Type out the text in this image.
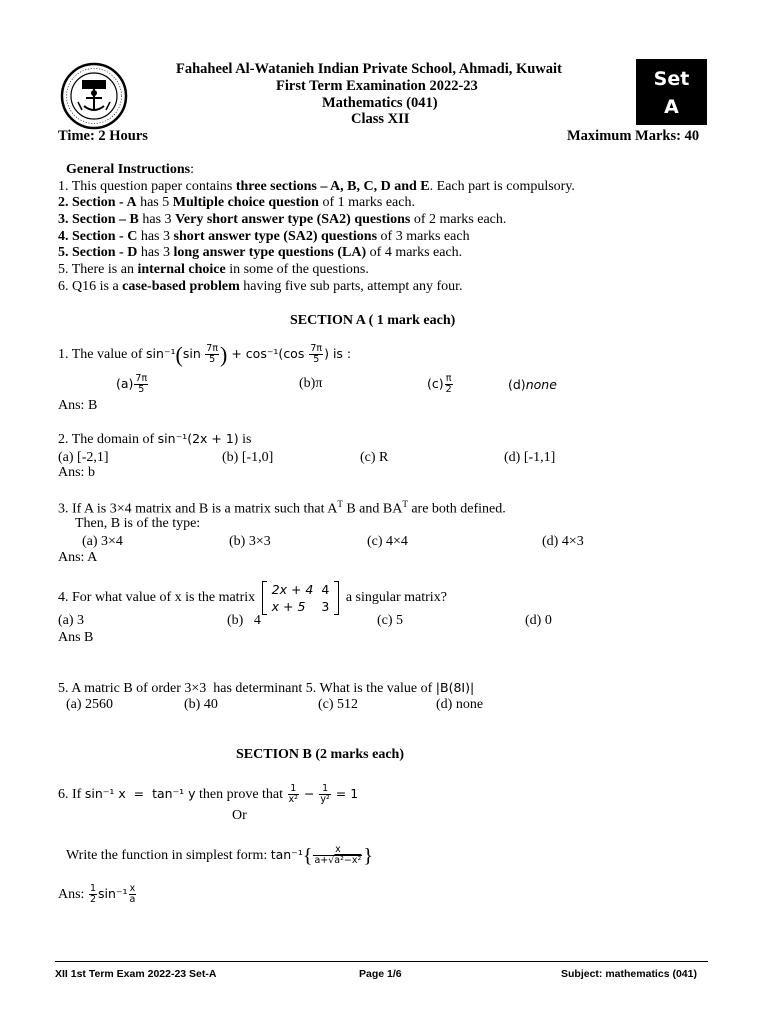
Set
A
Fahaheel Al-Watanieh Indian Private School, Ahmadi, Kuwait
First Term Examination 2022-23
Mathematics (041)
Class XII
Time: 2 Hours	Maximum Marks: 40
General Instructions:
1. This question paper contains three sections – A, B, C, D and E. Each part is compulsory.
2. Section - A has 5 Multiple choice question of 1 marks each.
3. Section – B has 3 Very short answer type (SA2) questions of 2 marks each.
4. Section - C has 3 short answer type (SA2) questions of 3 marks each
5. Section - D has 3 long answer type questions (LA) of 4 marks each.
5. There is an internal choice in some of the questions.
6. Q16 is a case-based problem having five sub parts, attempt any four.
SECTION A ( 1 mark each)
1. The value of $\sin^{-1}(\sin \frac{7\pi}{5}$ ) + $\cos^{-1}(\cos \frac{7\pi}{5}$ ) is :
$(a) \frac{7\pi}{5}$	(b)π	$(c) \frac{\pi}{2}$	(d)none
Ans: B
2. The domain of sin⁻¹(2x + 1) is
(a) [-2,1]	(b) [-1,0]	(c) R	(d) [-1,1]
Ans: b
3. If A is 3×4 matrix and B is a matrix such that $A^T$ B and $BA^T$ are both defined.
Then, B is of the type:
(a) 3×4	(b) 3×3	(c) 4×4	(d) 4×3
Ans: A
4. For what value of x is the matrix
2x + 4	4
x + 5	3
a singular matrix?
(a) 3	(b)   4	(c) 5	(d) 0
Ans B
5. A matric B of order 3×3  has determinant 5. What is the value of |B(8I)|
(a) 2560	(b) 40	(c) 512	(d) none
SECTION B (2 marks each)
6. If sin⁻¹ x  =  tan⁻¹ y then prove that $\frac{1}{\text{x²}} - \frac{1}{\text{y²}} = 1$
Or
Write the function in simplest form: $\tan^{-1}\{ \frac{x}{\text{a+√a²−x²}}$ }
Ans: $\frac{1}{2} \sin^{-1} \frac{x}{a}$
XII 1st Term Exam 2022-23 Set-A	Page 1/6	Subject: mathematics (041)
